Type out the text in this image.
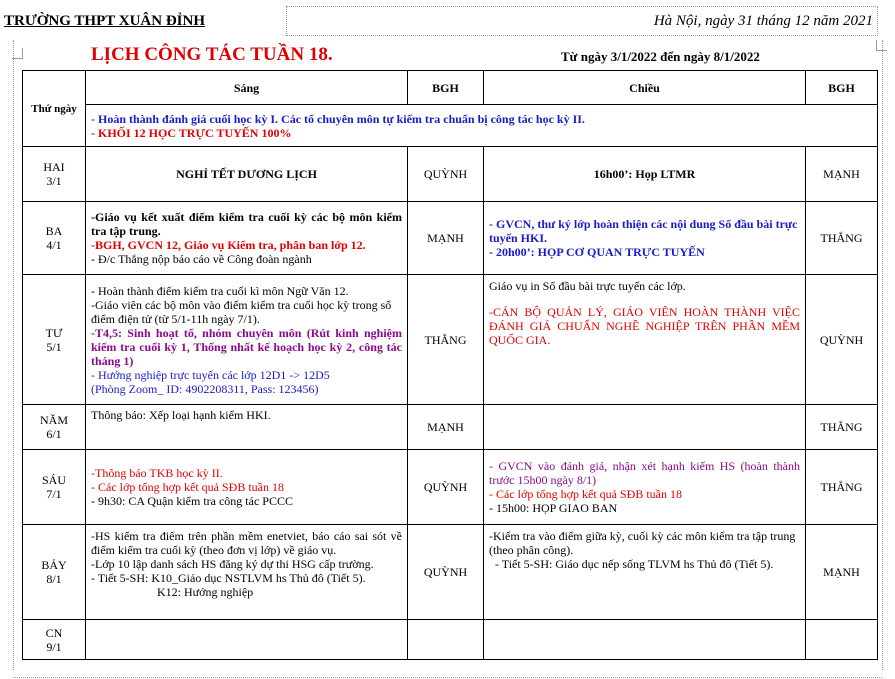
TRƯỜNG THPT XUÂN ĐỈNH	Hà Nội, ngày 31 tháng 12 năm 2021
LỊCH CÔNG TÁC TUẦN 18.	Từ ngày 3/1/2022 đến ngày 8/1/2022
Thứ ngày	Sáng	BGH	Chiều	BGH	

	- Hoàn thành đánh giá cuối học kỳ I. Các tổ chuyên môn tự kiểm tra chuẩn bị công tác học kỳ II.
- KHỐI 12 HỌC TRỰC TUYẾN 100%				

HAI
3/1	NGHỈ TẾT DƯƠNG LỊCH	QUỲNH	16h00’: Họp LTMR	MẠNH	

BA
4/1	-Giáo vụ kết xuất điểm kiểm tra cuối kỳ các bộ môn kiểm tra tập trung.
-BGH, GVCN 12, Giáo vụ Kiểm tra, phân ban lớp 12.
- Đ/c Thắng nộp báo cáo về Công đoàn ngành	MẠNH	- GVCN, thư ký lớp hoàn thiện các nội dung Sổ đầu bài trực tuyến HKI.
- 20h00’: HỌP CƠ QUAN TRỰC TUYẾN	THẮNG	

TƯ
5/1	- Hoàn thành điểm kiểm tra cuối kì môn Ngữ Văn 12.
-Giáo viên các bộ môn vào điểm kiểm tra cuối học kỳ trong sổ điểm điện tử (từ 5/1-11h ngày 7/1).
-T4,5: Sinh hoạt tổ, nhóm chuyên môn (Rút kinh nghiệm kiểm tra cuối kỳ 1, Thống nhất kế hoạch học kỳ 2, công tác tháng 1)
- Hướng nghiệp trực tuyến các lớp 12D1 -> 12D5
(Phòng Zoom_ ID: 4902208311, Pass: 123456)	THẮNG	Giáo vụ in Sổ đầu bài trực tuyến các lớp.
-CÁN BỘ QUẢN LÝ, GIÁO VIÊN HOÀN THÀNH VIỆC ĐÁNH GIÁ CHUẨN NGHỀ NGHIỆP TRÊN PHẦN MỀM QUỐC GIA.	QUỲNH	

NĂM
6/1	Thông báo: Xếp loại hạnh kiểm HKI.	MẠNH		THẮNG	

SÁU
7/1	-Thông báo TKB học kỳ II.
- Các lớp tổng hợp kết quả SĐB tuần 18
- 9h30: CA Quận kiểm tra công tác PCCC	QUỲNH	- GVCN vào đánh giá, nhận xét hạnh kiểm HS (hoàn thành trước 15h00 ngày 8/1)
- Các lớp tổng hợp kết quả SĐB tuần 18
- 15h00: HỌP GIAO BAN	THẮNG	

BẢY
8/1	-HS kiểm tra điểm trên phần mềm enetviet, báo cáo sai sót về điểm kiểm tra cuối kỳ (theo đơn vị lớp) về giáo vụ.
-Lớp 10 lập danh sách HS đăng ký dự thi HSG cấp trường.
- Tiết 5-SH: K10_Giáo dục NSTLVM hs Thủ đô (Tiết 5).
K12: Hướng nghiệp	QUỲNH	-Kiểm tra vào điểm giữa kỳ, cuối kỳ các môn kiểm tra tập trung (theo phân công).
- Tiết 5-SH: Giáo dục nếp sống TLVM hs Thủ đô (Tiết 5).	MẠNH	

CN
9/1					
